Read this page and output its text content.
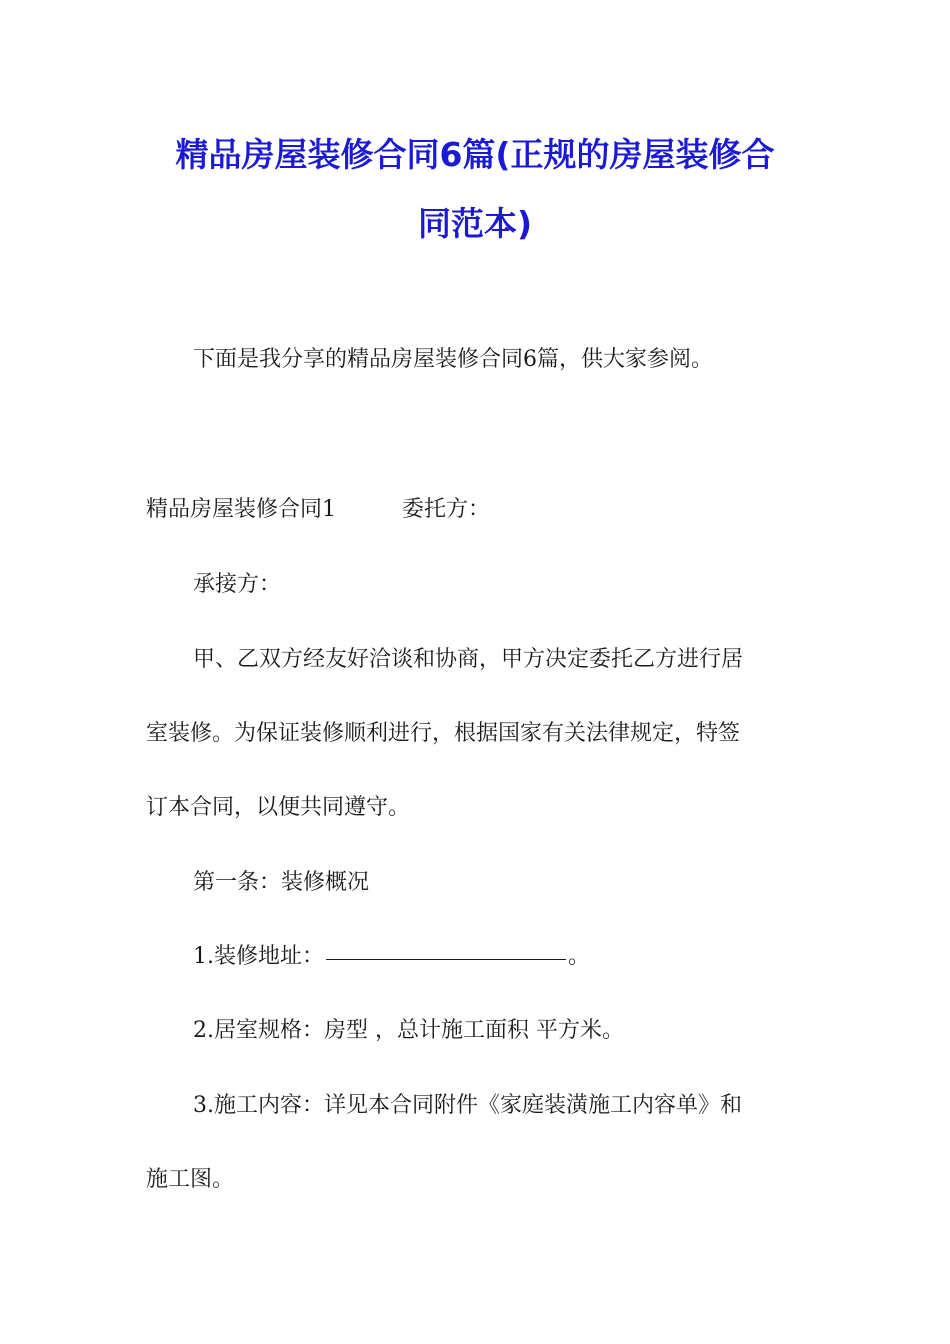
精品房屋装修合同6篇(正规的房屋装修合
同范本)

下面是我分享的精品房屋装修合同6篇，供大家参阅。

精品房屋装修合同1	委托方：

承接方：

甲、乙双方经友好洽谈和协商，甲方决定委托乙方进行居

室装修。为保证装修顺利进行，根据国家有关法律规定，特签

订本合同，以便共同遵守。

第一条：装修概况

1.装修地址：	。

2.居室规格：房型 ，总计施工面积 平方米。

3.施工内容：详见本合同附件《家庭装潢施工内容单》和

施工图。
